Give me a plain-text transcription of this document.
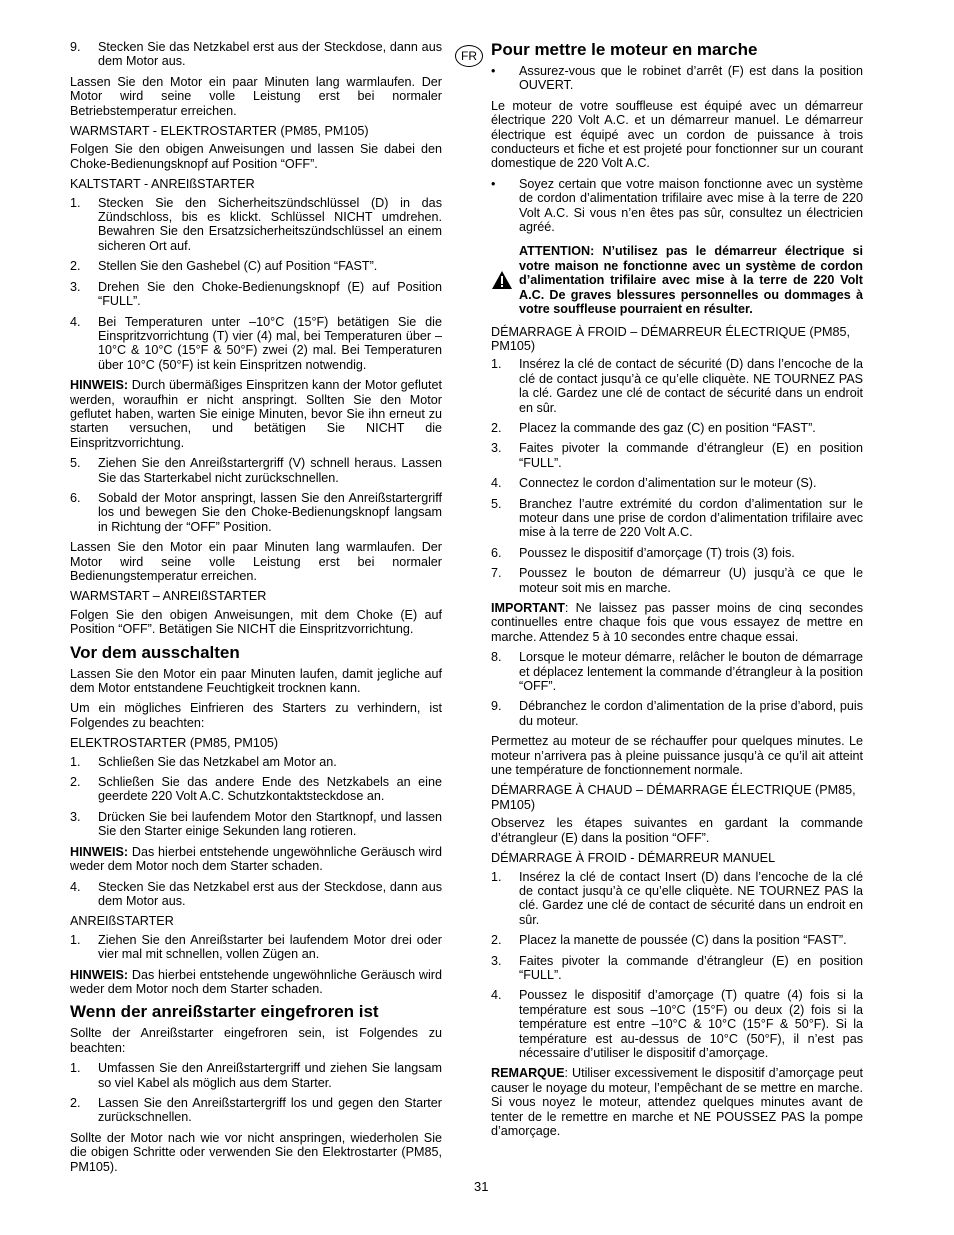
9.	Stecken Sie das Netzkabel erst aus der Steckdose, dann aus dem Motor aus.

Lassen Sie den Motor ein paar Minuten lang warmlaufen. Der Motor wird seine volle Leistung erst bei normaler Betriebstemperatur erreichen.

WARMSTART - ELEKTROSTARTER (PM85, PM105)

Folgen Sie den obigen Anweisungen und lassen Sie dabei den Choke-Bedienungsknopf auf Position “OFF”.

KALTSTART - ANREIßSTARTER
1.	Stecken Sie den Sicherheitszündschlüssel (D) in das Zündschloss, bis es klickt. Schlüssel NICHT umdrehen. Bewahren Sie den Ersatzsicherheitszündschlüssel an einem sicheren Ort auf.
2.	Stellen Sie den Gashebel (C) auf Position “FAST”.
3.	Drehen Sie den Choke-Bedienungsknopf (E) auf Position “FULL”.
4.	Bei Temperaturen unter –10°C (15°F) betätigen Sie die Einspritzvorrichtung (T) vier (4) mal, bei Temperaturen über –10°C & 10°C (15°F & 50°F) zwei (2) mal. Bei Temperaturen über 10°C (50°F) ist kein Einspritzen notwendig.

HINWEIS: Durch übermäßiges Einspritzen kann der Motor geflutet werden, woraufhin er nicht anspringt. Sollten Sie den Motor geflutet haben, warten Sie einige Minuten, bevor Sie ihn erneut zu starten versuchen, und betätigen Sie NICHT die Einspritzvorrichtung.

5.	Ziehen Sie den Anreißstartergriff (V) schnell heraus. Lassen Sie das Starterkabel nicht zurückschnellen.
6.	Sobald der Motor anspringt, lassen Sie den Anreißstartergriff los und bewegen Sie den Choke-Bedienungsknopf langsam in Richtung der “OFF” Position.

Lassen Sie den Motor ein paar Minuten lang warmlaufen. Der Motor wird seine volle Leistung erst bei normaler Bedienungstemperatur erreichen.

WARMSTART – ANREIßSTARTER

Folgen Sie den obigen Anweisungen, mit dem Choke (E) auf Position “OFF”. Betätigen Sie NICHT die Einspritzvorrichtung.

Vor dem ausschalten

Lassen Sie den Motor ein paar Minuten laufen, damit jegliche auf dem Motor entstandene Feuchtigkeit trocknen kann.

Um ein mögliches Einfrieren des Starters zu verhindern, ist Folgendes zu beachten:

ELEKTROSTARTER (PM85, PM105)
1.	Schließen Sie das Netzkabel am Motor an.
2.	Schließen Sie das andere Ende des Netzkabels an eine geerdete 220 Volt A.C. Schutzkontaktsteckdose an.
3.	Drücken Sie bei laufendem Motor den Startknopf, und lassen Sie den Starter einige Sekunden lang rotieren.

HINWEIS: Das hierbei entstehende ungewöhnliche Geräusch wird weder dem Motor noch dem Starter schaden.

4.	Stecken Sie das Netzkabel erst aus der Steckdose, dann aus dem Motor aus.
ANREIßSTARTER
1.	Ziehen Sie den Anreißstarter bei laufendem Motor drei oder vier mal mit schnellen, vollen Zügen an.

HINWEIS: Das hierbei entstehende ungewöhnliche Geräusch wird weder dem Motor noch dem Starter schaden.

Wenn der anreißstarter eingefroren ist

Sollte der Anreißstarter eingefroren sein, ist Folgendes zu beachten:

1.	Umfassen Sie den Anreißstartergriff und ziehen Sie langsam so viel Kabel als möglich aus dem Starter.
2.	Lassen Sie den Anreißstartergriff los und gegen den Starter zurückschnellen.

Sollte der Motor nach wie vor nicht anspringen, wiederholen Sie die obigen Schritte oder verwenden Sie den Elektrostarter (PM85, PM105).

FR Pour mettre le moteur en marche
•	Assurez-vous que le robinet d’arrêt (F) est dans la position OUVERT.

Le moteur de votre souffleuse est équipé avec un démarreur électrique 220 Volt A.C. et un démarreur manuel. Le démarreur électrique est équipé avec un cordon de puissance à trois conducteurs et fiche et est projeté pour fonctionner sur un courant domestique de 220 Volt A.C.

•	Soyez certain que votre maison fonctionne avec un système de cordon d’alimentation trifilaire avec mise à la terre de 220 Volt A.C. Si vous n’en êtes pas sûr, consultez un électricien agréé.
ATTENTION: N’utilisez pas le démarreur électrique si votre maison ne fonctionne avec un système de cordon d’alimentation trifilaire avec mise à la terre de 220 Volt A.C. De graves blessures personnelles ou dommages à votre souffleuse pourraient en résulter.
DÉMARRAGE À FROID – DÉMARREUR ÉLECTRIQUE (PM85, PM105)
1.	Insérez la clé de contact de sécurité (D) dans l’encoche de la clé de contact jusqu’à ce qu’elle cliquète. NE TOURNEZ PAS la clé. Gardez une clé de contact de sécurité dans un endroit en sûr.
2.	Placez la commande des gaz (C) en position “FAST”.
3.	Faites pivoter la commande d’étrangleur (E) en position “FULL”.
4.	Connectez le cordon d’alimentation sur le moteur (S).
5.	Branchez l’autre extrémité du cordon d’alimentation sur le moteur dans une prise de cordon d’alimentation trifilaire avec mise à la terre de 220 Volt A.C.
6.	Poussez le dispositif d’amorçage (T) trois (3) fois.
7.	Poussez le bouton de démarreur (U) jusqu’à ce que le moteur soit mis en marche.

IMPORTANT: Ne laissez pas passer moins de cinq secondes continuelles entre chaque fois que vous essayez de mettre en marche. Attendez 5 à 10 secondes entre chaque essai.

8.	Lorsque le moteur démarre, relâcher le bouton de démarrage et déplacez lentement la commande d’étrangleur à la position “OFF”.
9.	Débranchez le cordon d’alimentation de la prise d’abord, puis du moteur.

Permettez au moteur de se réchauffer pour quelques minutes. Le moteur n’arrivera pas à pleine puissance jusqu’à ce qu’il ait atteint une température de fonctionnement normale.

DÉMARRAGE À CHAUD – DÉMARRAGE ÉLECTRIQUE (PM85, PM105)

Observez les étapes suivantes en gardant la commande d’étrangleur (E) dans la position “OFF”.

DÉMARRAGE À FROID - DÉMARREUR MANUEL
1.	Insérez la clé de contact Insert (D) dans l’encoche de la clé de contact jusqu’à ce qu’elle cliquète. NE TOURNEZ PAS la clé. Gardez une clé de contact de sécurité dans un endroit en sûr.
2.	Placez la manette de poussée (C) dans la position “FAST”.
3.	Faites pivoter la commande d’étrangleur (E) en position “FULL”.
4.	Poussez le dispositif d’amorçage (T) quatre (4) fois si la température est sous –10°C (15°F) ou deux (2) fois si la température est entre –10°C & 10°C (15°F & 50°F). Si la température est au-dessus de 10°C (50°F), il n’est pas nécessaire d’utiliser le dispositif d’amorçage.

REMARQUE: Utiliser excessivement le dispositif d’amorçage peut causer le noyage du moteur, l’empêchant de se mettre en marche. Si vous noyez le moteur, attendez quelques minutes avant de tenter de le remettre en marche et NE POUSSEZ PAS la pompe d’amorçage.

31
